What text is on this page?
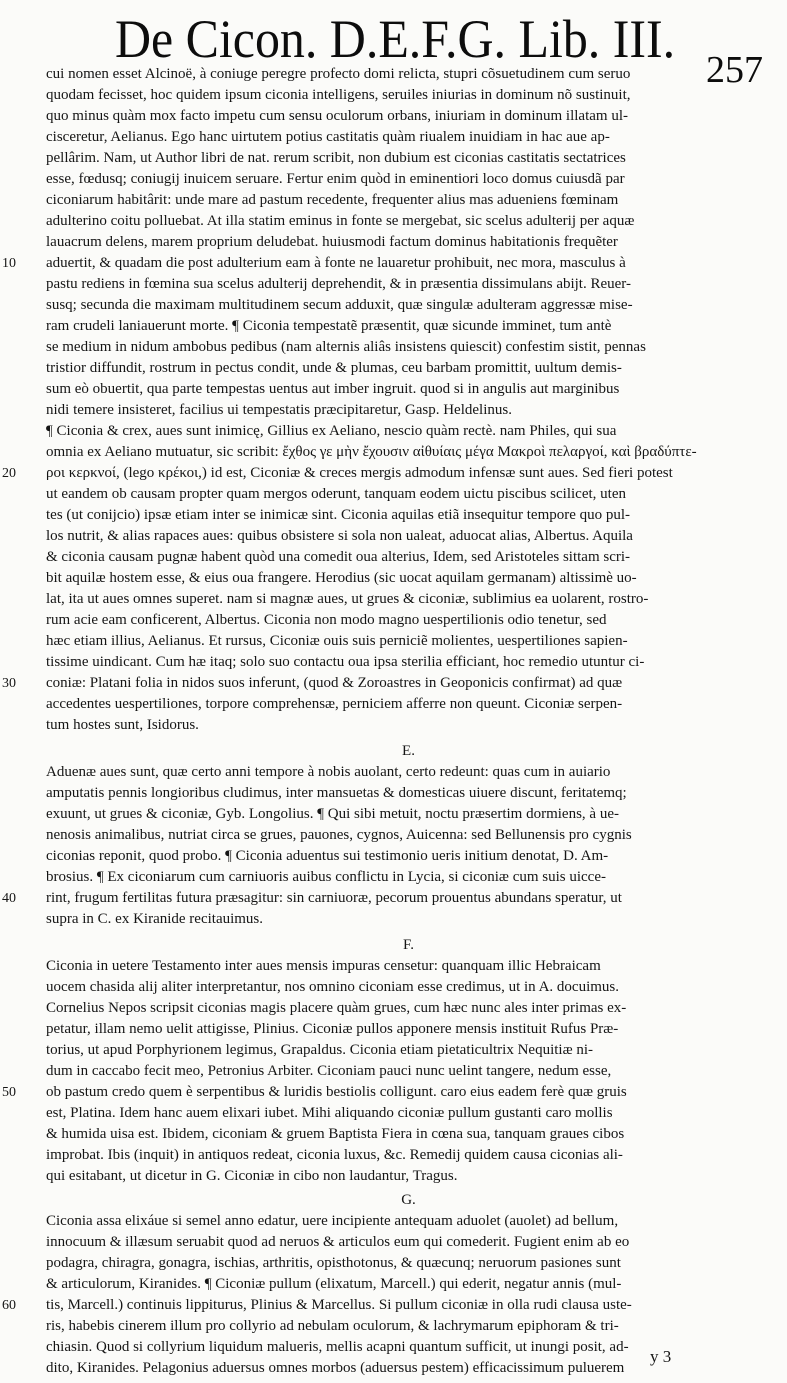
De Cicon. D.E.F.G. Lib. III.
257
cui nomen esset Alcinoë, à coniuge peregre profecto domi relicta, stupri cõsuetudinem cum seruo
quodam fecisset, hoc quidem ipsum ciconia intelligens, seruiles iniurias in dominum nõ sustinuit,
quo minus quàm mox facto impetu cum sensu oculorum orbans, iniuriam in dominum illatam ul-
cisceretur, Aelianus. Ego hanc uirtutem potius castitatis quàm riualem inuidiam in hac aue ap-
pellârim. Nam, ut Author libri de nat. rerum scribit, non dubium est ciconias castitatis sectatrices
esse, fœdusq; coniugij inuicem seruare. Fertur enim quòd in eminentiori loco domus cuiusdã par
ciconiarum habitârit: unde mare ad pastum recedente, frequenter alius mas adueniens fœminam
adulterino coitu polluebat. At illa statim eminus in fonte se mergebat, sic scelus adulterij per aquæ
lauacrum delens, marem proprium deludebat. huiusmodi factum dominus habitationis frequẽter
aduertit, & quadam die post adulterium eam à fonte ne lauaretur prohibuit, nec mora, masculus à
pastu rediens in fœmina sua scelus adulterij deprehendit, & in præsentia dissimulans abijt. Reuer-
susq; secunda die maximam multitudinem secum adduxit, quæ singulæ adulteram aggressæ mise-
ram crudeli laniauerunt morte. ¶ Ciconia tempestatẽ præsentit, quæ sicunde imminet, tum antè
se medium in nidum ambobus pedibus (nam alternis aliâs insistens quiescit) confestim sistit, pennas
tristior diffundit, rostrum in pectus condit, unde & plumas, ceu barbam promittit, uultum demis-
sum eò obuertit, qua parte tempestas uentus aut imber ingruit. quod si in angulis aut marginibus
nidi temere insisteret, facilius ui tempestatis præcipitaretur, Gasp. Heldelinus.
¶ Ciconia & crex, aues sunt inimicę, Gillius ex Aeliano, nescio quàm rectè. nam Philes, qui sua
omnia ex Aeliano mutuatur, sic scribit: ἔχθος γε μὴν ἔχουσιν αἰθυίαις μέγα Μακροὶ πελαργοί, καὶ βραδύπτε-
ροι κερκνοί, (lego κρέκοι,) id est, Ciconiæ & creces mergis admodum infensæ sunt aues. Sed fieri potest
ut eandem ob causam propter quam mergos oderunt, tanquam eodem uictu piscibus scilicet, uten
tes (ut conijcio) ipsæ etiam inter se inimicæ sint. Ciconia aquilas etiã insequitur tempore quo pul-
los nutrit, & alias rapaces aues: quibus obsistere si sola non ualeat, aduocat alias, Albertus. Aquila
& ciconia causam pugnæ habent quòd una comedit oua alterius, Idem, sed Aristoteles sittam scri-
bit aquilæ hostem esse, & eius oua frangere. Herodius (sic uocat aquilam germanam) altissimè uo-
lat, ita ut aues omnes superet. nam si magnæ aues, ut grues & ciconiæ, sublimius ea uolarent, rostro-
rum acie eam conficerent, Albertus. Ciconia non modo magno uespertilionis odio tenetur, sed
hæc etiam illius, Aelianus. Et rursus, Ciconiæ ouis suis perniciẽ molientes, uespertiliones sapien-
tissime uindicant. Cum hæ itaq; solo suo contactu oua ipsa sterilia efficiant, hoc remedio utuntur ci-
coniæ: Platani folia in nidos suos inferunt, (quod & Zoroastres in Geoponicis confirmat) ad quæ
accedentes uespertiliones, torpore comprehensæ, perniciem afferre non queunt. Ciconiæ serpen-
tum hostes sunt, Isidorus.
E.
Aduenæ aues sunt, quæ certo anni tempore à nobis auolant, certo redeunt: quas cum in auiario
amputatis pennis longioribus cludimus, inter mansuetas & domesticas uiuere discunt, feritatemq;
exuunt, ut grues & ciconiæ, Gyb. Longolius. ¶ Qui sibi metuit, noctu præsertim dormiens, à ue-
nenosis animalibus, nutriat circa se grues, pauones, cygnos, Auicenna: sed Bellunensis pro cygnis
ciconias reponit, quod probo. ¶ Ciconia aduentus sui testimonio ueris initium denotat, D. Am-
brosius. ¶ Ex ciconiarum cum carniuoris auibus conflictu in Lycia, si ciconiæ cum suis uicce-
rint, frugum fertilitas futura præsagitur: sin carniuoræ, pecorum prouentus abundans speratur, ut
supra in C. ex Kiranide recitauimus.
F.
Ciconia in uetere Testamento inter aues mensis impuras censetur: quanquam illic Hebraicam
uocem chasida alij aliter interpretantur, nos omnino ciconiam esse credimus, ut in A. docuimus.
Cornelius Nepos scripsit ciconias magis placere quàm grues, cum hæc nunc ales inter primas ex-
petatur, illam nemo uelit attigisse, Plinius. Ciconiæ pullos apponere mensis instituit Rufus Præ-
torius, ut apud Porphyrionem legimus, Grapaldus. Ciconia etiam pietaticultrix Nequitiæ ni-
dum in caccabo fecit meo, Petronius Arbiter. Ciconiam pauci nunc uelint tangere, nedum esse,
ob pastum credo quem è serpentibus & luridis bestiolis colligunt. caro eius eadem ferè quæ gruis
est, Platina. Idem hanc auem elixari iubet. Mihi aliquando ciconiæ pullum gustanti caro mollis
& humida uisa est. Ibidem, ciconiam & gruem Baptista Fiera in cœna sua, tanquam graues cibos
improbat. Ibis (inquit) in antiquos redeat, ciconia luxus, &c. Remedij quidem causa ciconias ali-
qui esitabant, ut dicetur in G. Ciconiæ in cibo non laudantur, Tragus.
G.
Ciconia assa elixáue si semel anno edatur, uere incipiente antequam aduolet (auolet) ad bellum,
innocuum & illæsum seruabit quod ad neruos & articulos eum qui comederit. Fugient enim ab eo
podagra, chiragra, gonagra, ischias, arthritis, opisthotonus, & quæcunq; neruorum pasiones sunt
& articulorum, Kiranides. ¶ Ciconiæ pullum (elixatum, Marcell.) qui ederit, negatur annis (mul-
tis, Marcell.) continuis lippiturus, Plinius & Marcellus. Si pullum ciconiæ in olla rudi clausa uste-
ris, habebis cinerem illum pro collyrio ad nebulam oculorum, & lachrymarum epiphoram & tri-
chiasin. Quod si collyrium liquidum malueris, mellis acapni quantum sufficit, ut inungi posit, ad-
dito, Kiranides. Pelagonius aduersus omnes morbos (aduersus pestem) efficacissimum puluerem
10
20
30
40
50
60
y 3
